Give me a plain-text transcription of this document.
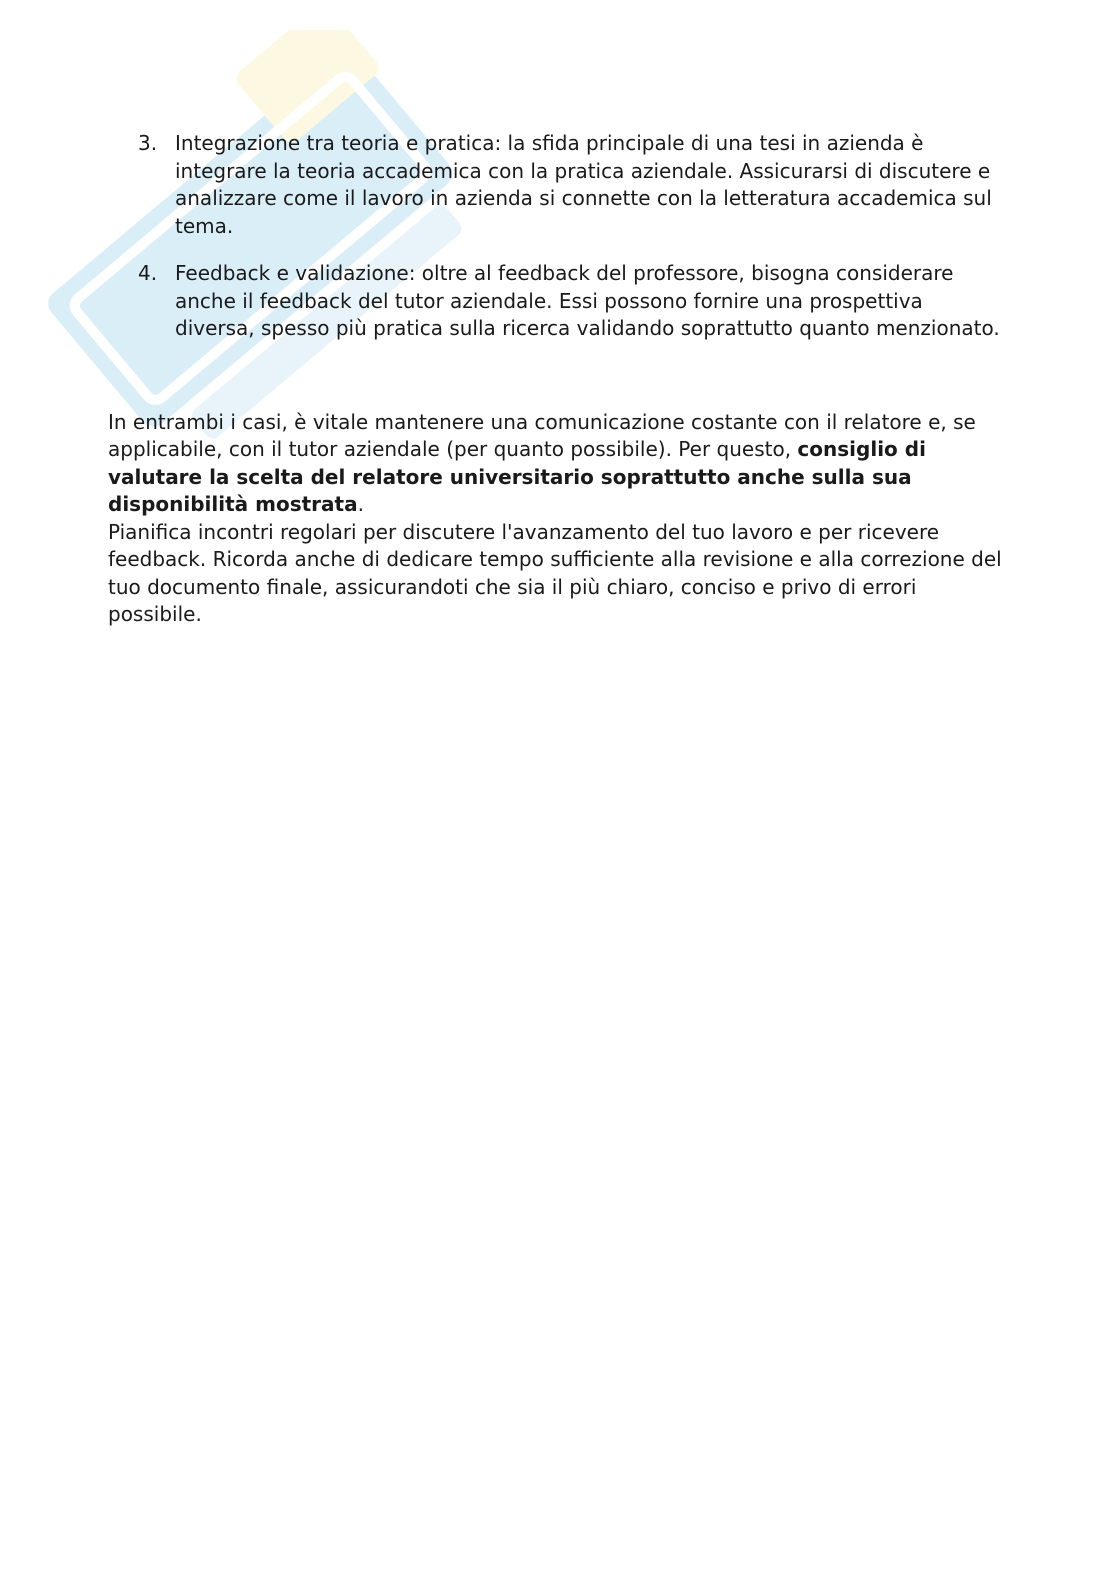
3. Integrazione tra teoria e pratica: la sfida principale di una tesi in azienda è integrare la teoria accademica con la pratica aziendale. Assicurarsi di discutere e analizzare come il lavoro in azienda si connette con la letteratura accademica sul tema.
4. Feedback e validazione: oltre al feedback del professore, bisogna considerare anche il feedback del tutor aziendale. Essi possono fornire una prospettiva diversa, spesso più pratica sulla ricerca validando soprattutto quanto menzionato.

In entrambi i casi, è vitale mantenere una comunicazione costante con il relatore e, se applicabile, con il tutor aziendale (per quanto possibile). Per questo, consiglio di valutare la scelta del relatore universitario soprattutto anche sulla sua disponibilità mostrata.

Pianifica incontri regolari per discutere l'avanzamento del tuo lavoro e per ricevere feedback. Ricorda anche di dedicare tempo sufficiente alla revisione e alla correzione del tuo documento finale, assicurandoti che sia il più chiaro, conciso e privo di errori possibile.
